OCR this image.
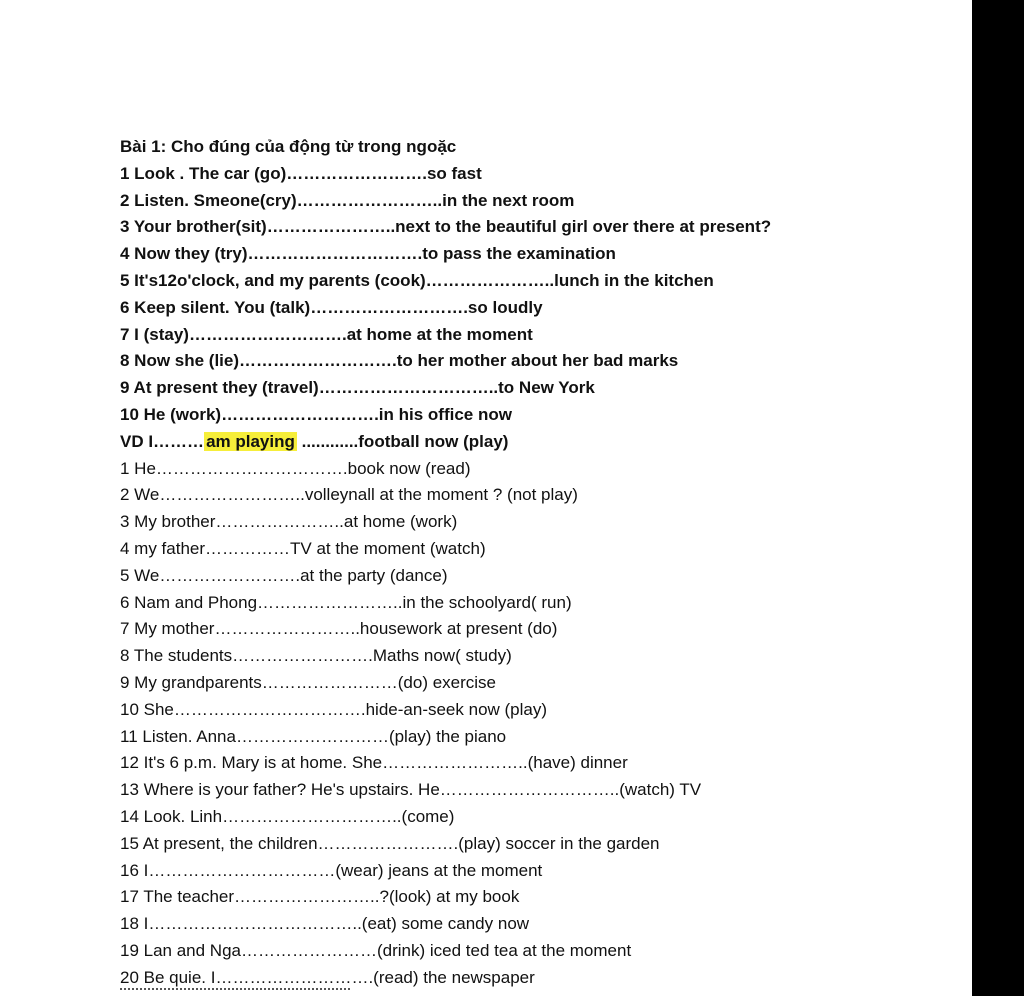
Bài 1: Cho đúng của động từ trong ngoặc
1 Look . The car (go)…………………….so fast
2 Listen. Smeone(cry)……………………..in the next room
3 Your brother(sit)…………………..next to the beautiful girl over there at present?
4 Now they (try)………………………….to pass the examination
5 It's12o'clock, and my parents (cook)…………………..lunch in the kitchen
6 Keep silent. You (talk)……………………….so loudly
7 I (stay)……………………….at home at the moment
8 Now she (lie)……………………….to her mother about her bad marks
9 At present they (travel)…………………………..to New York
10 He (work)……………………….in his office now
VD I……… am playing ............football now (play)
1 He…………………………….book now (read)
2 We……………………..volleynall at the moment ? (not play)
3 My brother…………………..at home (work)
4 my father……………TV at the moment (watch)
5 We…………………….at the party (dance)
6 Nam and Phong……………………..in the schoolyard( run)
7 My mother……………………..housework at present (do)
8 The students…………………….Maths now( study)
9 My grandparents……………………(do) exercise
10 She…………………………….hide-an-seek now (play)
11 Listen. Anna………………………(play) the piano
12 It's 6 p.m. Mary is at home. She……………………..(have) dinner
13 Where is your father? He's upstairs. He…………………………..(watch) TV
14 Look. Linh…………………………..(come)
15 At present, the children…………………….(play) soccer in the garden
16 I……………………………(wear) jeans at the moment
17 The teacher……………………..?(look) at my book
18 I………………………………..(eat) some candy now
19 Lan and Nga……………………(drink) iced ted tea at the moment
20 Be quie. I……………………….(read) the newspaper
